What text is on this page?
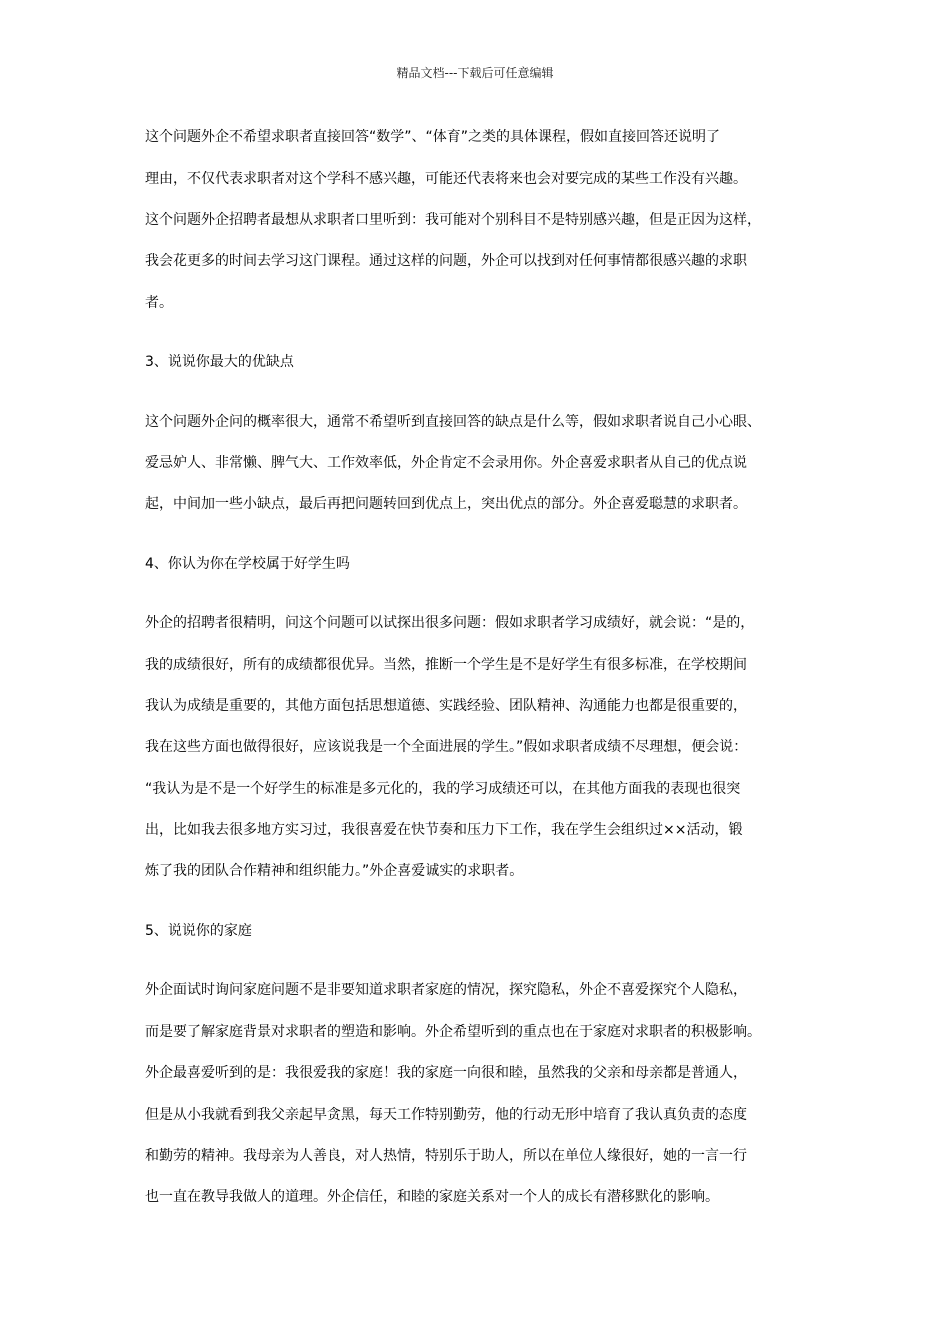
精品文档---下载后可任意编辑
这个问题外企不希望求职者直接回答“数学”、“体育”之类的具体课程，假如直接回答还说明了
理由，不仅代表求职者对这个学科不感兴趣，可能还代表将来也会对要完成的某些工作没有兴趣。
这个问题外企招聘者最想从求职者口里听到：我可能对个别科目不是特别感兴趣，但是正因为这样，
我会花更多的时间去学习这门课程。通过这样的问题，外企可以找到对任何事情都很感兴趣的求职
者。
3、说说你最大的优缺点
这个问题外企问的概率很大，通常不希望听到直接回答的缺点是什么等，假如求职者说自己小心眼、
爱忌妒人、非常懒、脾气大、工作效率低，外企肯定不会录用你。外企喜爱求职者从自己的优点说
起，中间加一些小缺点，最后再把问题转回到优点上，突出优点的部分。外企喜爱聪慧的求职者。
4、你认为你在学校属于好学生吗
外企的招聘者很精明，问这个问题可以试探出很多问题：假如求职者学习成绩好，就会说：“是的，
我的成绩很好，所有的成绩都很优异。当然，推断一个学生是不是好学生有很多标准，在学校期间
我认为成绩是重要的，其他方面包括思想道德、实践经验、团队精神、沟通能力也都是很重要的，
我在这些方面也做得很好，应该说我是一个全面进展的学生。”假如求职者成绩不尽理想，便会说：
“我认为是不是一个好学生的标准是多元化的，我的学习成绩还可以，在其他方面我的表现也很突
出，比如我去很多地方实习过，我很喜爱在快节奏和压力下工作，我在学生会组织过××活动，锻
炼了我的团队合作精神和组织能力。”外企喜爱诚实的求职者。
5、说说你的家庭
外企面试时询问家庭问题不是非要知道求职者家庭的情况，探究隐私，外企不喜爱探究个人隐私，
而是要了解家庭背景对求职者的塑造和影响。外企希望听到的重点也在于家庭对求职者的积极影响。
外企最喜爱听到的是：我很爱我的家庭！我的家庭一向很和睦，虽然我的父亲和母亲都是普通人，
但是从小我就看到我父亲起早贪黑，每天工作特别勤劳，他的行动无形中培育了我认真负责的态度
和勤劳的精神。我母亲为人善良，对人热情，特别乐于助人，所以在单位人缘很好，她的一言一行
也一直在教导我做人的道理。外企信任，和睦的家庭关系对一个人的成长有潜移默化的影响。
